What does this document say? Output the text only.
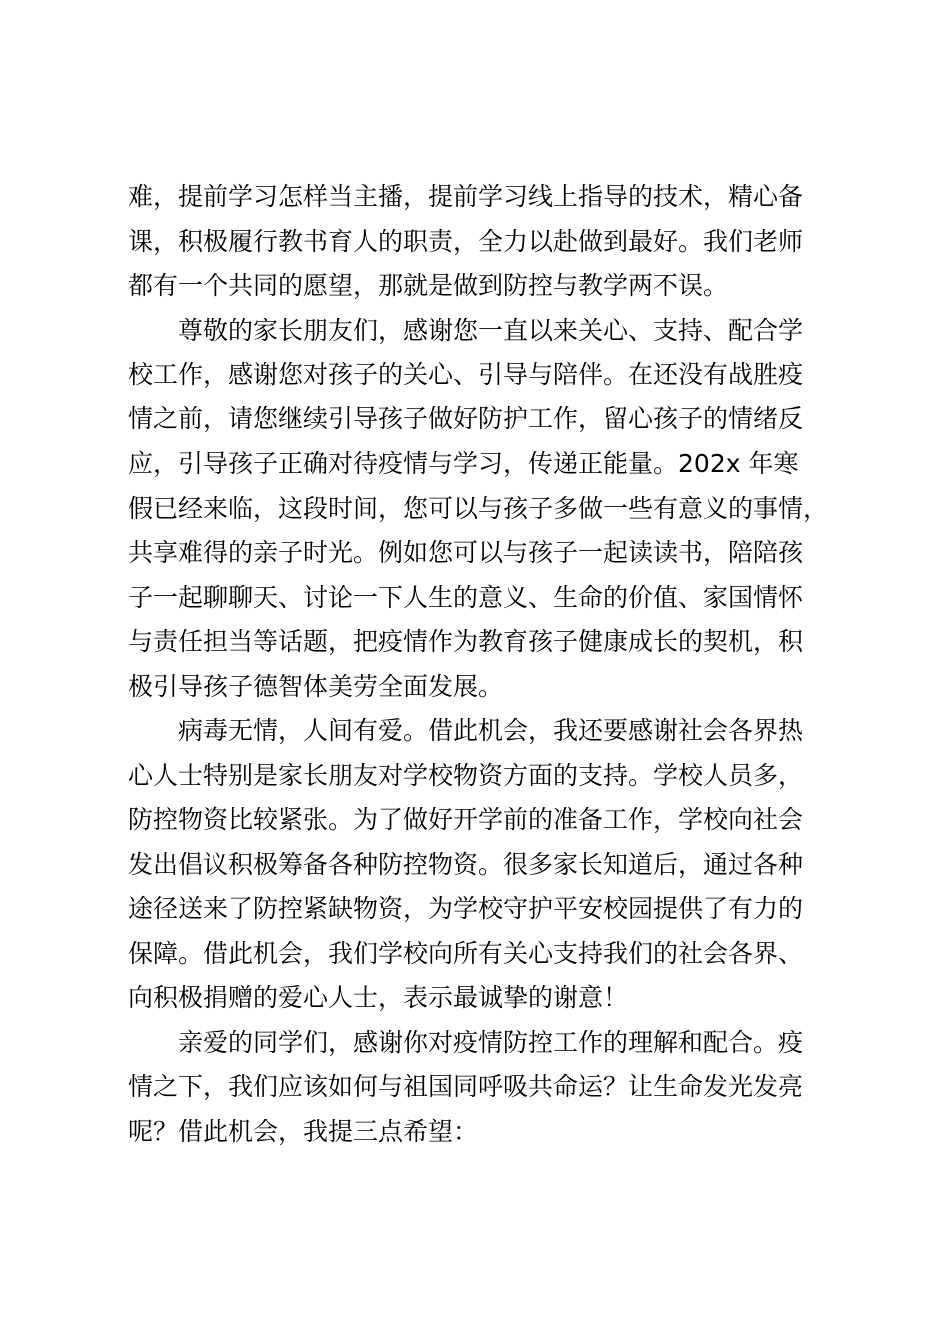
难，提前学习怎样当主播，提前学习线上指导的技术，精心备
课，积极履行教书育人的职责，全力以赴做到最好。我们老师
都有一个共同的愿望，那就是做到防控与教学两不误。
尊敬的家长朋友们，感谢您一直以来关心、支持、配合学
校工作，感谢您对孩子的关心、引导与陪伴。在还没有战胜疫
情之前，请您继续引导孩子做好防护工作，留心孩子的情绪反
应，引导孩子正确对待疫情与学习，传递正能量。202x 年寒
假已经来临，这段时间，您可以与孩子多做一些有意义的事情，
共享难得的亲子时光。例如您可以与孩子一起读读书，陪陪孩
子一起聊聊天、讨论一下人生的意义、生命的价值、家国情怀
与责任担当等话题，把疫情作为教育孩子健康成长的契机，积
极引导孩子德智体美劳全面发展。
病毒无情，人间有爱。借此机会，我还要感谢社会各界热
心人士特别是家长朋友对学校物资方面的支持。学校人员多，
防控物资比较紧张。为了做好开学前的准备工作，学校向社会
发出倡议积极筹备各种防控物资。很多家长知道后，通过各种
途径送来了防控紧缺物资，为学校守护平安校园提供了有力的
保障。借此机会，我们学校向所有关心支持我们的社会各界、
向积极捐赠的爱心人士，表示最诚挚的谢意！
亲爱的同学们，感谢你对疫情防控工作的理解和配合。疫
情之下，我们应该如何与祖国同呼吸共命运？让生命发光发亮
呢？借此机会，我提三点希望：
